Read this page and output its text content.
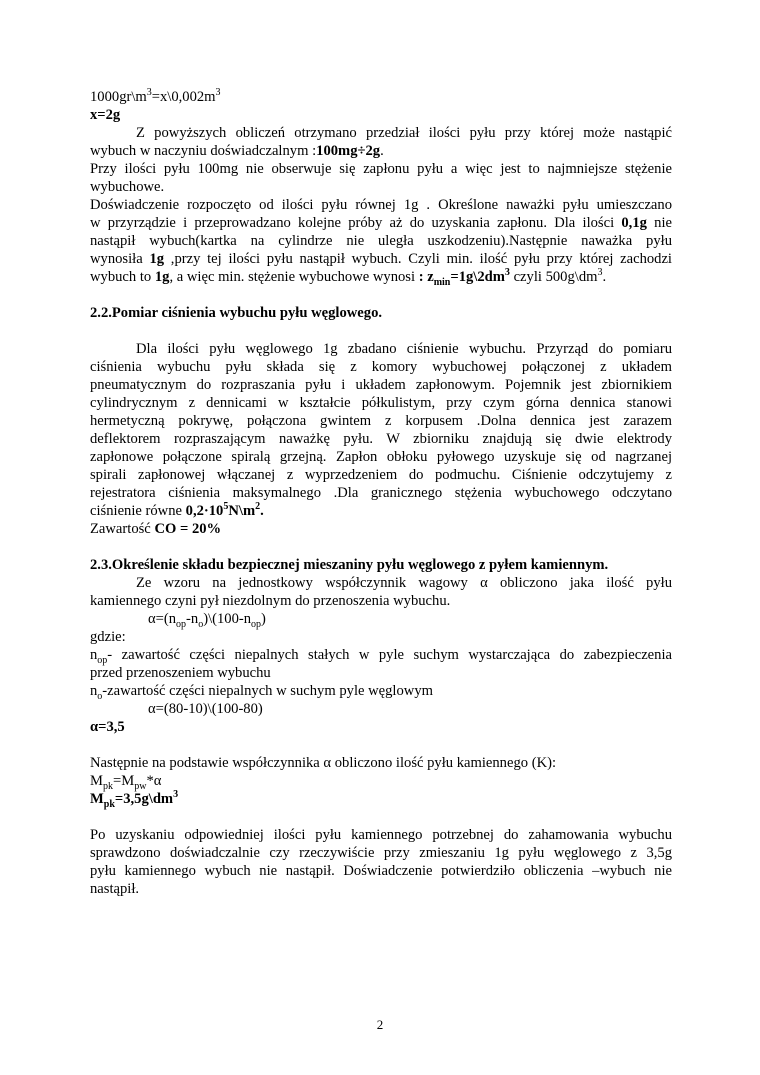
$1000gr\backslash m^3=x\backslash 0,002m^3$

x=2g

Z powyższych obliczeń otrzymano przedział ilości pyłu przy której może nastąpić

wybuch w naczyniu doświadczalnym :100mg÷2g.

Przy ilości pyłu 100mg nie obserwuje się zapłonu pyłu a więc jest to najmniejsze stężenie

wybuchowe.

Doświadczenie rozpoczęto od ilości pyłu równej 1g . Określone naważki pyłu umieszczano

w przyrządzie i przeprowadzano kolejne próby aż do uzyskania zapłonu. Dla ilości 0,1g nie

nastąpił wybuch(kartka na cylindrze nie uległa uszkodzeniu).Następnie naważka pyłu

wynosiła 1g ,przy tej ilości pyłu nastąpił wybuch. Czyli min. ilość pyłu przy której zachodzi

wybuch to 1g, a więc min. stężenie wybuchowe wynosi : $z_{min}=1g\backslash 2dm^3$ czyli $500g\backslash dm^3$.

2.2.Pomiar ciśnienia wybuchu pyłu węglowego.

Dla ilości pyłu węglowego 1g zbadano ciśnienie wybuchu. Przyrząd do pomiaru

ciśnienia wybuchu pyłu składa się z komory wybuchowej połączonej z układem

pneumatycznym do rozpraszania pyłu i układem zapłonowym. Pojemnik jest zbiornikiem

cylindrycznym z dennicami w kształcie półkulistym, przy czym górna dennica stanowi

hermetyczną pokrywę, połączona gwintem z korpusem .Dolna dennica jest zarazem

deflektorem rozpraszającym naważkę pyłu. W zbiorniku znajdują się dwie elektrody

zapłonowe połączone spiralą grzejną. Zapłon obłoku pyłowego uzyskuje się od nagrzanej

spirali zapłonowej włączanej z wyprzedzeniem do podmuchu. Ciśnienie odczytujemy z

rejestratora ciśnienia maksymalnego .Dla granicznego stężenia wybuchowego odczytano

ciśnienie równe $0,2\cdot 10^5N\backslash m^2$.

Zawartość CO = 20%

2.3.Określenie składu bezpiecznej mieszaniny pyłu węglowego z pyłem kamiennym.

Ze wzoru na jednostkowy współczynnik wagowy α obliczono jaka ilość pyłu

kamiennego czyni pył niezdolnym do przenoszenia wybuchu.

$\alpha=(n_{op}-n_o)\backslash(100-n_{op})$

gdzie:

$n_{op}-$ zawartość części niepalnych stałych w pyle suchym wystarczająca do zabezpieczenia

przed przenoszeniem wybuchu

$n_o$-zawartość części niepalnych w suchym pyle węglowym

α=(80-10)\(100-80)

α=3,5

Następnie na podstawie współczynnika α obliczono ilość pyłu kamiennego (K):

$M_{pk}=M_{pw}*\alpha$

$M_{pk}=3,5g\backslash dm^3$

Po uzyskaniu odpowiedniej ilości pyłu kamiennego potrzebnej do zahamowania wybuchu

sprawdzono doświadczalnie czy rzeczywiście przy zmieszaniu 1g pyłu węglowego z 3,5g

pyłu kamiennego wybuch nie nastąpił. Doświadczenie potwierdziło obliczenia –wybuch nie

nastąpił.

2
